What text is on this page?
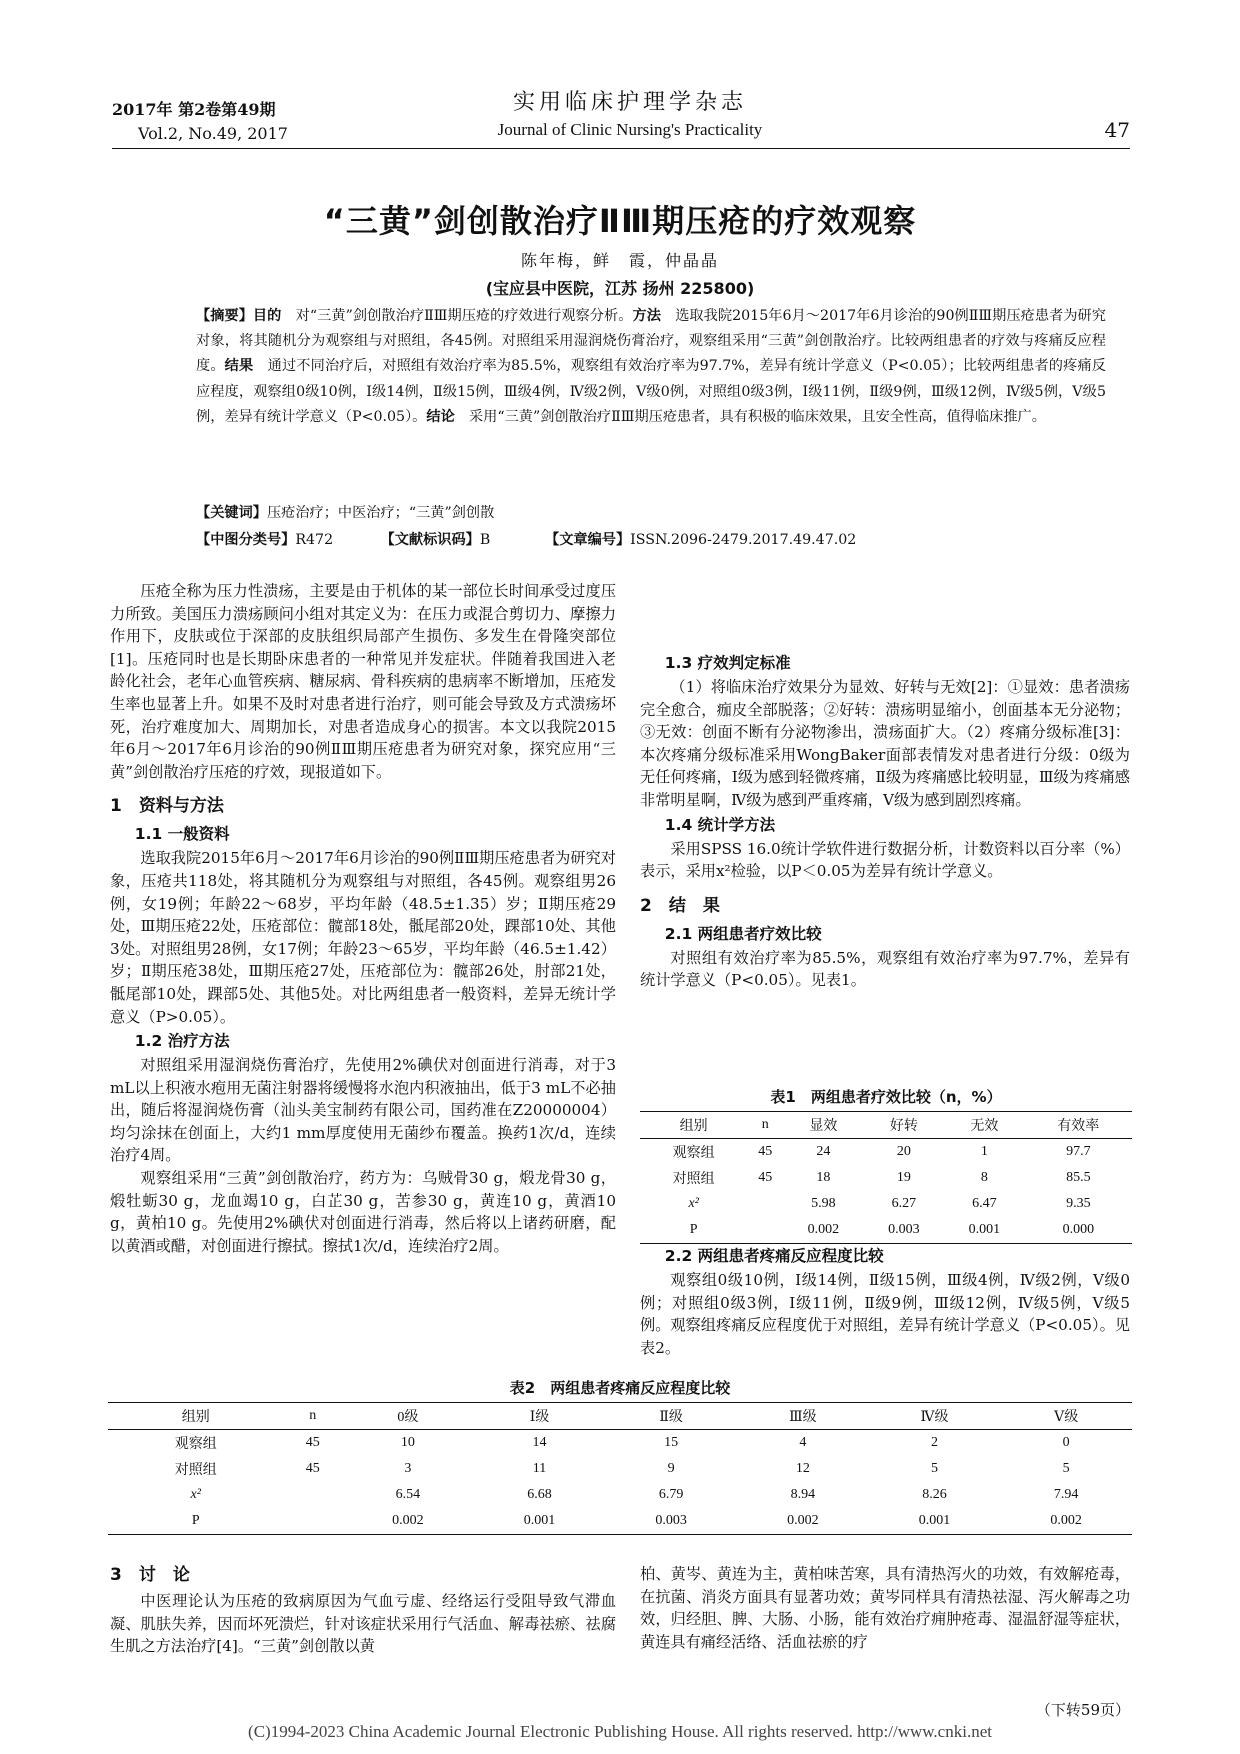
2017年 第2卷第49期
Vol.2, No.49, 2017
实用临床护理学杂志
Journal of Clinic Nursing's Practicality	47
“三黄”剑创散治疗ⅡⅢ期压疮的疗效观察
陈年梅，鲜　霞，仲晶晶
(宝应县中医院，江苏 扬州 225800)
【摘要】目的　对“三黄”剑创散治疗ⅡⅢ期压疮的疗效进行观察分析。方法　选取我院2015年6月～2017年6月诊治的90例ⅡⅢ期压疮患者为研究对象，将其随机分为观察组与对照组，各45例。对照组采用湿润烧伤膏治疗，观察组采用“三黄”剑创散治疗。比较两组患者的疗效与疼痛反应程度。结果　通过不同治疗后，对照组有效治疗率为85.5%，观察组有效治疗率为97.7%，差异有统计学意义（P<0.05）；比较两组患者的疼痛反应程度，观察组0级10例，Ⅰ级14例，Ⅱ级15例，Ⅲ级4例，Ⅳ级2例，Ⅴ级0例，对照组0级3例，Ⅰ级11例，Ⅱ级9例，Ⅲ级12例，Ⅳ级5例，Ⅴ级5例，差异有统计学意义（P<0.05）。结论　采用“三黄”剑创散治疗ⅡⅢ期压疮患者，具有积极的临床效果，且安全性高，值得临床推广。
【关键词】压疮治疗；中医治疗；“三黄”剑创散
【中图分类号】R472	【文献标识码】B	【文章编号】ISSN.2096-2479.2017.49.47.02

压疮全称为压力性溃疡，主要是由于机体的某一部位长时间承受过度压力所致。美国压力溃疡顾问小组对其定义为：在压力或混合剪切力、摩擦力作用下，皮肤或位于深部的皮肤组织局部产生损伤、多发生在骨隆突部位[1]。压疮同时也是长期卧床患者的一种常见并发症状。伴随着我国进入老龄化社会，老年心血管疾病、糖尿病、骨科疾病的患病率不断增加，压疮发生率也显著上升。如果不及时对患者进行治疗，则可能会导致及方式溃疡坏死，治疗难度加大、周期加长，对患者造成身心的损害。本文以我院2015年6月～2017年6月诊治的90例ⅡⅢ期压疮患者为研究对象，探究应用“三黄”剑创散治疗压疮的疗效，现报道如下。

1　资料与方法
1.1 一般资料

选取我院2015年6月～2017年6月诊治的90例ⅡⅢ期压疮患者为研究对象，压疮共118处，将其随机分为观察组与对照组，各45例。观察组男26例，女19例；年龄22～68岁，平均年龄（48.5±1.35）岁；Ⅱ期压疮29处，Ⅲ期压疮22处，压疮部位：髋部18处，骶尾部20处，踝部10处、其他3处。对照组男28例，女17例；年龄23～65岁，平均年龄（46.5±1.42）岁；Ⅱ期压疮38处，Ⅲ期压疮27处，压疮部位为：髋部26处，肘部21处，骶尾部10处，踝部5处、其他5处。对比两组患者一般资料，差异无统计学意义（P>0.05）。

1.2 治疗方法

对照组采用湿润烧伤膏治疗，先使用2%碘伏对创面进行消毒，对于3 mL以上积液水疱用无菌注射器将缓慢将水泡内积液抽出，低于3 mL不必抽出，随后将湿润烧伤膏（汕头美宝制药有限公司，国药准在Z20000004）均匀涂抹在创面上，大约1 mm厚度使用无菌纱布覆盖。换药1次/d，连续治疗4周。

观察组采用“三黄”剑创散治疗，药方为：乌贼骨30 g，煅龙骨30 g，煅牡蛎30 g，龙血竭10 g，白芷30 g，苦参30 g，黄连10 g，黄酒10 g，黄柏10 g。先使用2%碘伏对创面进行消毒，然后将以上诸药研磨，配以黄酒或醋，对创面进行擦拭。擦拭1次/d，连续治疗2周。

1.3 疗效判定标准

（1）将临床治疗效果分为显效、好转与无效[2]：①显效：患者溃疡完全愈合，痂皮全部脱落；②好转：溃疡明显缩小，创面基本无分泌物；③无效：创面不断有分泌物渗出，溃疡面扩大。（2）疼痛分级标准[3]：本次疼痛分级标准采用WongBaker面部表情发对患者进行分级：0级为无任何疼痛，Ⅰ级为感到轻微疼痛，Ⅱ级为疼痛感比较明显，Ⅲ级为疼痛感非常明星啊，Ⅳ级为感到严重疼痛，Ⅴ级为感到剧烈疼痛。

1.4 统计学方法

采用SPSS 16.0统计学软件进行数据分析，计数资料以百分率（%）表示，采用x²检验，以P＜0.05为差异有统计学意义。

2　结　果
2.1 两组患者疗效比较

对照组有效治疗率为85.5%，观察组有效治疗率为97.7%，差异有统计学意义（P<0.05）。见表1。

表1　两组患者疗效比较（n，%）
组别	n	显效	好转	无效	有效率
观察组	45	24	20	1	97.7
对照组	45	18	19	8	85.5
x²		5.98	6.27	6.47	9.35
P		0.002	0.003	0.001	0.000
2.2 两组患者疼痛反应程度比较

观察组0级10例，Ⅰ级14例，Ⅱ级15例，Ⅲ级4例，Ⅳ级2例，Ⅴ级0例；对照组0级3例，Ⅰ级11例，Ⅱ级9例，Ⅲ级12例，Ⅳ级5例，Ⅴ级5例。观察组疼痛反应程度优于对照组，差异有统计学意义（P<0.05）。见表2。

表2　两组患者疼痛反应程度比较
组别	n	0级	Ⅰ级	Ⅱ级	Ⅲ级	Ⅳ级	Ⅴ级
观察组	45	10	14	15	4	2	0
对照组	45	3	11	9	12	5	5
x²		6.54	6.68	6.79	8.94	8.26	7.94
P		0.002	0.001	0.003	0.002	0.001	0.002
3　讨　论

中医理论认为压疮的致病原因为气血亏虚、经络运行受阻导致气滞血凝、肌肤失养，因而坏死溃烂，针对该症状采用行气活血、解毒祛瘀、祛腐生肌之方法治疗[4]。“三黄”剑创散以黄

柏、黄岑、黄连为主，黄柏味苦寒，具有清热泻火的功效，有效解疮毒，在抗菌、消炎方面具有显著功效；黄岑同样具有清热祛湿、泻火解毒之功效，归经胆、脾、大肠、小肠，能有效治疗痈肿疮毒、湿温舒湿等症状，黄连具有痛经活络、活血祛瘀的疗

（下转59页）
(C)1994-2023 China Academic Journal Electronic Publishing House. All rights reserved. http://www.cnki.net
